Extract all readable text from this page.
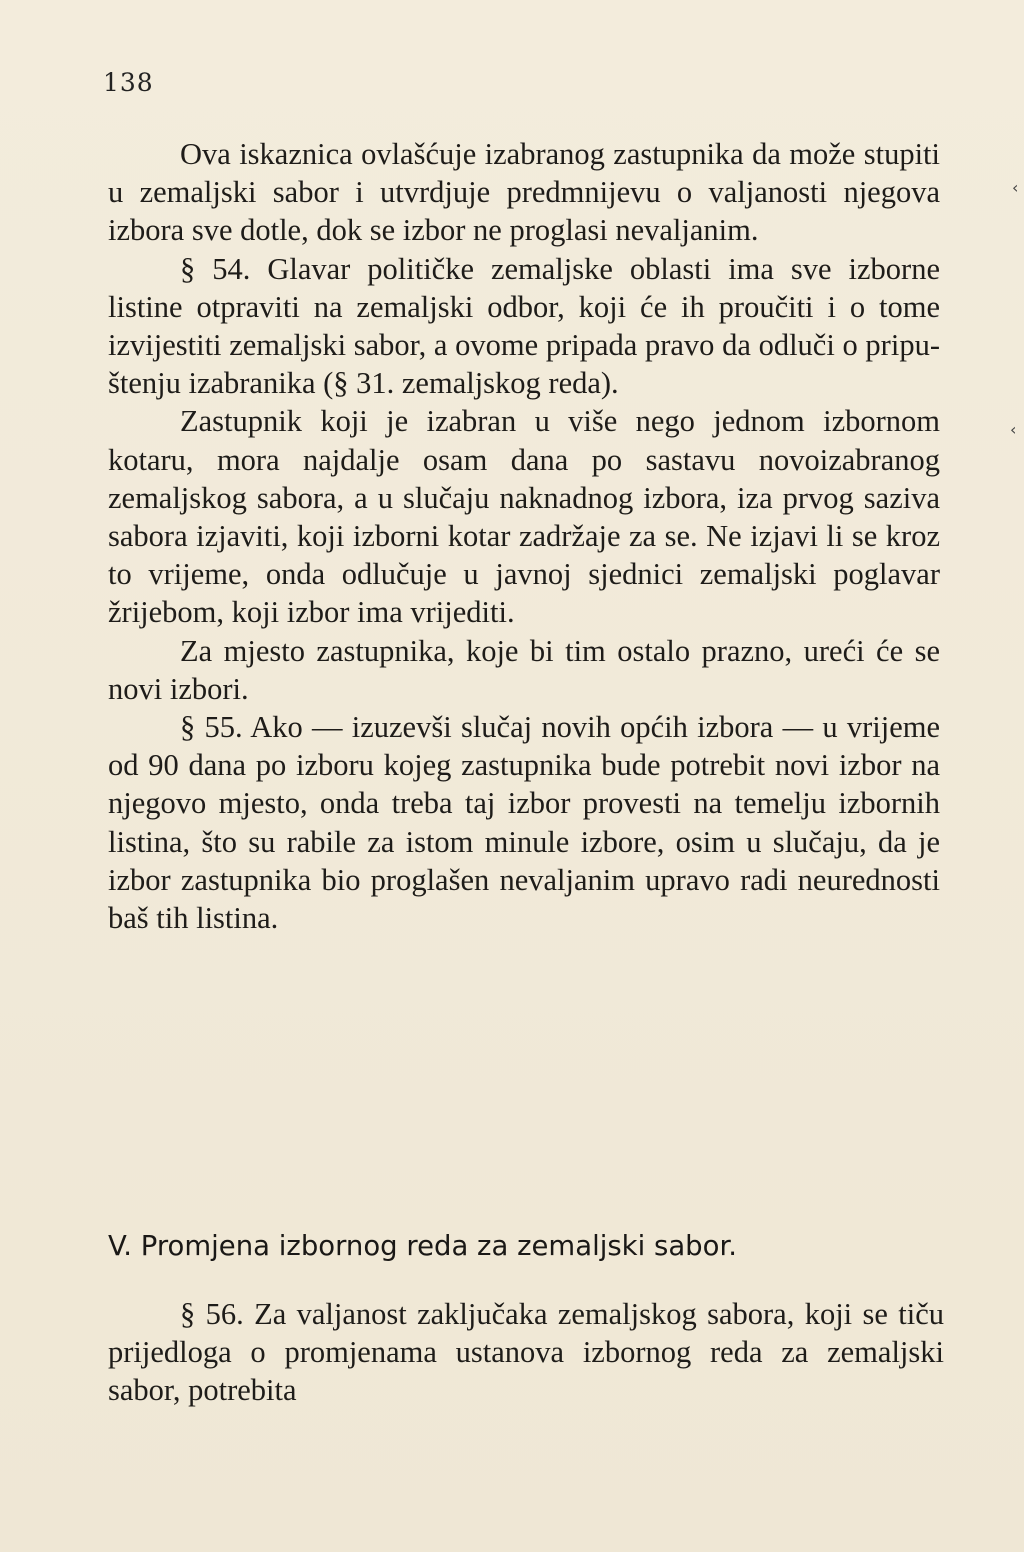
138

Ova iskaznica ovlašćuje izabranog zastupnika da može stupiti u zemaljski sabor i utvrdjuje predmnijevu o valjanosti njegova izbora sve dotle, dok se izbor ne proglasi nevaljanim.

§ 54. Glavar političke zemaljske oblasti ima sve izborne listine otpraviti na zemaljski odbor, koji će ih proučiti i o tome izvijestiti zemaljski sabor, a ovome pripada pravo da odluči o pripuštenju izabranika (§ 31. zemaljskog reda).

Zastupnik koji je izabran u više nego jednom izbornom kotaru, mora najdalje osam dana po sastavu novoizabranog zemaljskog sabora, a u slučaju naknadnog izbora, iza prvog saziva sabora izjaviti, koji izborni kotar zadržaje za se. Ne izjavi li se kroz to vrijeme, onda odlučuje u javnoj sjednici zemaljski poglavar žrijebom, koji izbor ima vrijediti.

Za mjesto zastupnika, koje bi tim ostalo prazno, ureći će se novi izbori.

§ 55. Ako — izuzevši slučaj novih općih izbora — u vrijeme od 90 dana po izboru kojeg zastupnika bude potrebit novi izbor na njegovo mjesto, onda treba taj izbor provesti na temelju izbornih listina, što su rabile za istom minule izbore, osim u slučaju, da je izbor zastupnika bio proglašen nevaljanim upravo radi neurednosti baš tih listina.

V. Promjena izbornog reda za zemaljski sabor.

§ 56. Za valjanost zaključaka zemaljskog sabora, koji se tiču prijedloga o promjenama ustanova izbornog reda za zemaljski sabor, potrebita

‹
‹
